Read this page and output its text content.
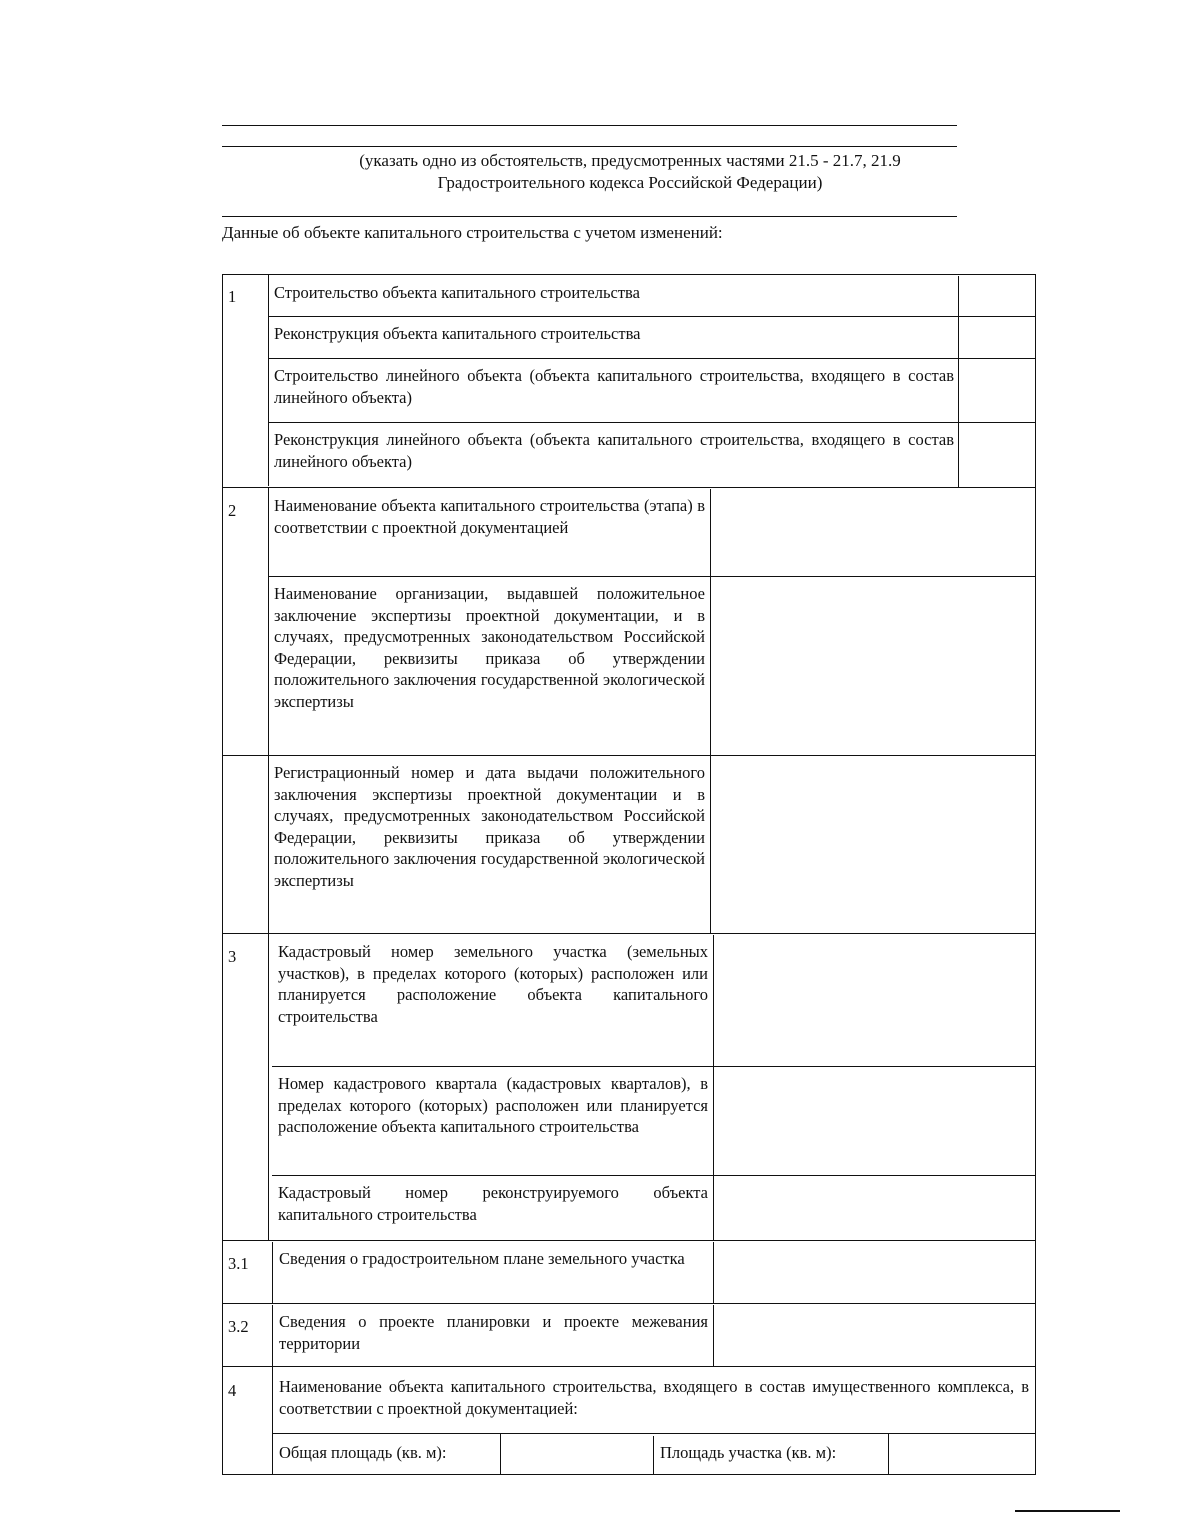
(указать одно из обстоятельств, предусмотренных частями 21.5 - 21.7, 21.9
Градостроительного кодекса Российской Федерации)
Данные об объекте капитального строительства с учетом изменений:
1	Строительство объекта капитального строительства
Реконструкция объекта капитального строительства
Строительство линейного объекта (объекта капитального строительства, входящего в состав линейного объекта)
Реконструкция линейного объекта (объекта капитального строительства, входящего в состав линейного объекта)
2	Наименование объекта капитального строительства (этапа) в соответствии с проектной документацией
Наименование организации, выдавшей положительное заключение экспертизы проектной документации, и в случаях, предусмотренных законодательством Российской Федерации, реквизиты приказа об утверждении положительного заключения государственной экологической экспертизы
Регистрационный номер и дата выдачи положительного заключения экспертизы проектной документации и в случаях, предусмотренных законодательством Российской Федерации, реквизиты приказа об утверждении положительного заключения государственной экологической экспертизы
3	Кадастровый номер земельного участка (земельных участков), в пределах которого (которых) расположен или планируется расположение объекта капитального строительства
Номер кадастрового квартала (кадастровых кварталов), в пределах которого (которых) расположен или планируется расположение объекта капитального строительства
Кадастровый номер реконструируемого объекта капитального строительства
3.1	Сведения о градостроительном плане земельного участка
3.2	Сведения о проекте планировки и проекте межевания территории
4	Наименование объекта капитального строительства, входящего в состав имущественного комплекса, в соответствии с проектной документацией:
Общая площадь (кв. м):	Площадь участка (кв. м):
